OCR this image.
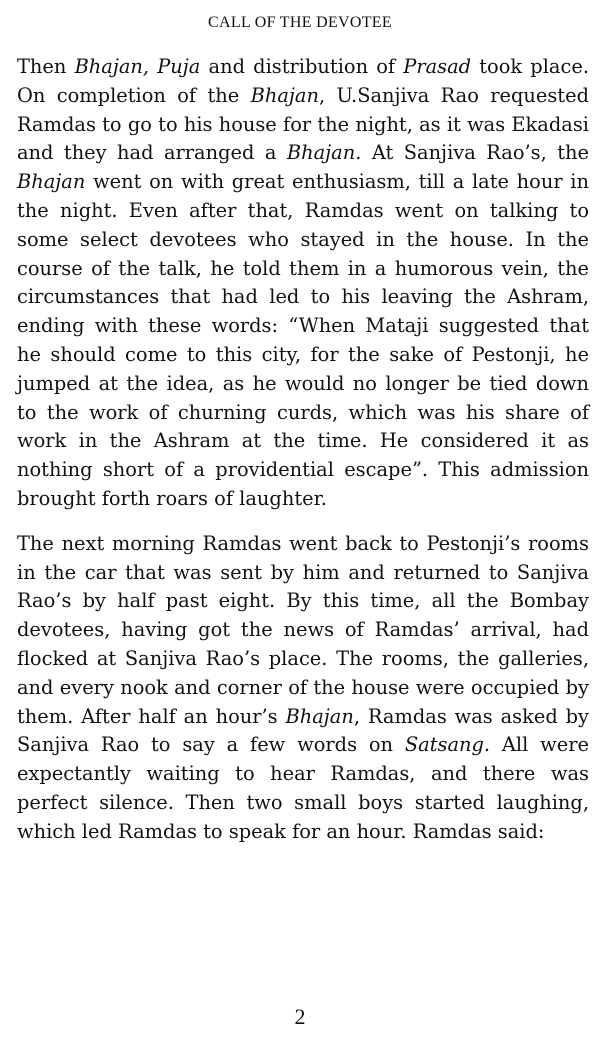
CALL OF THE DEVOTEE

Then Bhajan, Puja and distribution of Prasad took place. On completion of the Bhajan, U.Sanjiva Rao requested Ramdas to go to his house for the night, as it was Ekadasi and they had arranged a Bhajan. At Sanjiva Rao’s, the Bhajan went on with great enthusiasm, till a late hour in the night. Even after that, Ramdas went on talking to some select devotees who stayed in the house. In the course of the talk, he told them in a humorous vein, the circumstances that had led to his leaving the Ashram, ending with these words: “When Mataji suggested that he should come to this city, for the sake of Pestonji, he jumped at the idea, as he would no longer be tied down to the work of churning curds, which was his share of work in the Ashram at the time. He considered it as nothing short of a providential escape”. This admission brought forth roars of laughter.

The next morning Ramdas went back to Pestonji’s rooms in the car that was sent by him and returned to Sanjiva Rao’s by half past eight. By this time, all the Bombay devotees, having got the news of Ramdas’ arrival, had flocked at Sanjiva Rao’s place. The rooms, the galleries, and every nook and corner of the house were occupied by them. After half an hour’s Bhajan, Ramdas was asked by Sanjiva Rao to say a few words on Satsang. All were expectantly waiting to hear Ramdas, and there was perfect silence. Then two small boys started laughing, which led Ramdas to speak for an hour. Ramdas said:

2
